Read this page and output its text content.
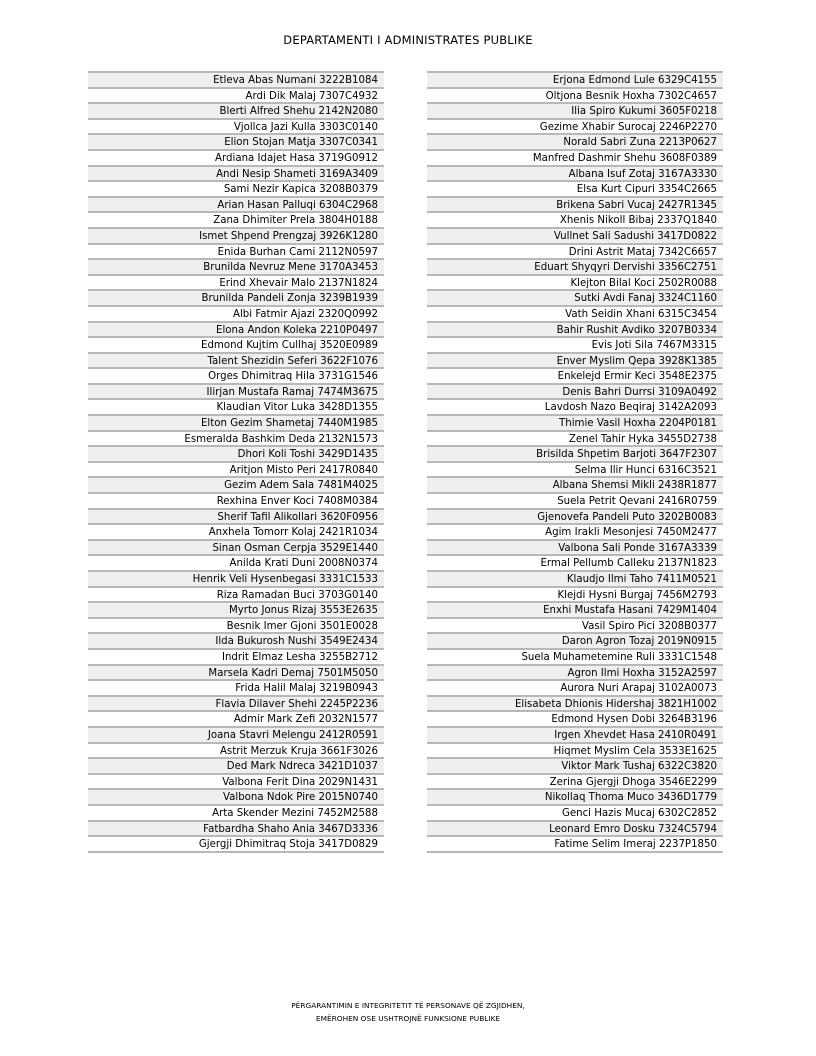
DEPARTAMENTI I ADMINISTRATES PUBLIKE
Etleva Abas Numani 3222B1084
Ardi Dik Malaj 7307C4932
Blerti Alfred Shehu 2142N2080
Vjollca Jazi Kulla 3303C0140
Elion Stojan Matja 3307C0341
Ardiana Idajet Hasa 3719G0912
Andi Nesip Shameti 3169A3409
Sami Nezir Kapica 3208B0379
Arian Hasan Palluqi 6304C2968
Zana Dhimiter Prela 3804H0188
Ismet Shpend Prengzaj 3926K1280
Enida Burhan Cami 2112N0597
Brunilda Nevruz Mene 3170A3453
Erind Xhevair Malo 2137N1824
Brunilda Pandeli Zonja 3239B1939
Albi Fatmir Ajazi 2320Q0992
Elona Andon Koleka 2210P0497
Edmond Kujtim Cullhaj 3520E0989
Talent Shezidin Seferi 3622F1076
Orges Dhimitraq Hila 3731G1546
Ilirjan Mustafa Ramaj 7474M3675
Klaudian Vitor Luka 3428D1355
Elton Gezim Shametaj 7440M1985
Esmeralda Bashkim Deda 2132N1573
Dhori Koli Toshi 3429D1435
Aritjon Misto Peri 2417R0840
Gezim Adem Sala 7481M4025
Rexhina Enver Koci 7408M0384
Sherif Tafil Alikollari 3620F0956
Anxhela Tomorr Kolaj 2421R1034
Sinan Osman Cerpja 3529E1440
Anilda Krati Duni 2008N0374
Henrik Veli Hysenbegasi 3331C1533
Riza Ramadan Buci 3703G0140
Myrto Jonus Rizaj 3553E2635
Besnik Imer Gjoni 3501E0028
Ilda Bukurosh Nushi 3549E2434
Indrit Elmaz Lesha 3255B2712
Marsela Kadri Demaj 7501M5050
Frida Halil Malaj 3219B0943
Flavia Dilaver Shehi 2245P2236
Admir Mark Zefi 2032N1577
Joana Stavri Melengu 2412R0591
Astrit Merzuk Kruja 3661F3026
Ded Mark Ndreca 3421D1037
Valbona Ferit Dina 2029N1431
Valbona Ndok Pire 2015N0740
Arta Skender Mezini 7452M2588
Fatbardha Shaho Ania 3467D3336
Gjergji Dhimitraq Stoja 3417D0829
Erjona Edmond Lule 6329C4155
Oltjona Besnik Hoxha 7302C4657
Ilia Spiro Kukumi 3605F0218
Gezime Xhabir Surocaj 2246P2270
Norald Sabri Zuna 2213P0627
Manfred Dashmir Shehu 3608F0389
Albana Isuf Zotaj 3167A3330
Elsa Kurt Cipuri 3354C2665
Brikena Sabri Vucaj 2427R1345
Xhenis Nikoll Bibaj 2337Q1840
Vullnet Sali Sadushi 3417D0822
Drini Astrit Mataj 7342C6657
Eduart Shyqyri Dervishi 3356C2751
Klejton Bilal Koci 2502R0088
Sutki Avdi Fanaj 3324C1160
Vath Seidin Xhani 6315C3454
Bahir Rushit Avdiko 3207B0334
Evis Joti Sila 7467M3315
Enver Myslim Qepa 3928K1385
Enkelejd Ermir Keci 3548E2375
Denis Bahri Durrsi 3109A0492
Lavdosh Nazo Beqiraj 3142A2093
Thimie Vasil Hoxha 2204P0181
Zenel Tahir Hyka 3455D2738
Brisilda Shpetim Barjoti 3647F2307
Selma Ilir Hunci 6316C3521
Albana Shemsi Mikli 2438R1877
Suela Petrit Qevani 2416R0759
Gjenovefa Pandeli Puto 3202B0083
Agim Irakli Mesonjesi 7450M2477
Valbona Sali Ponde 3167A3339
Ermal Pellumb Calleku 2137N1823
Klaudjo Ilmi Taho 7411M0521
Klejdi Hysni Burgaj 7456M2793
Enxhi Mustafa Hasani 7429M1404
Vasil Spiro Pici 3208B0377
Daron Agron Tozaj 2019N0915
Suela Muhametemine Ruli 3331C1548
Agron Ilmi Hoxha 3152A2597
Aurora Nuri Arapaj 3102A0073
Elisabeta Dhionis Hidershaj 3821H1002
Edmond Hysen Dobi 3264B3196
Irgen Xhevdet Hasa 2410R0491
Hiqmet Myslim Cela 3533E1625
Viktor Mark Tushaj 6322C3820
Zerina Gjergji Dhoga 3546E2299
Nikollaq Thoma Muco 3436D1779
Genci Hazis Mucaj 6302C2852
Leonard Emro Dosku 7324C5794
Fatime Selim Imeraj 2237P1850
PËRGARANTIMIN E INTEGRITETIT TË PERSONAVE QË ZGJIDHEN,
EMËROHEN OSE USHTROJNË FUNKSIONE PUBLIKE
